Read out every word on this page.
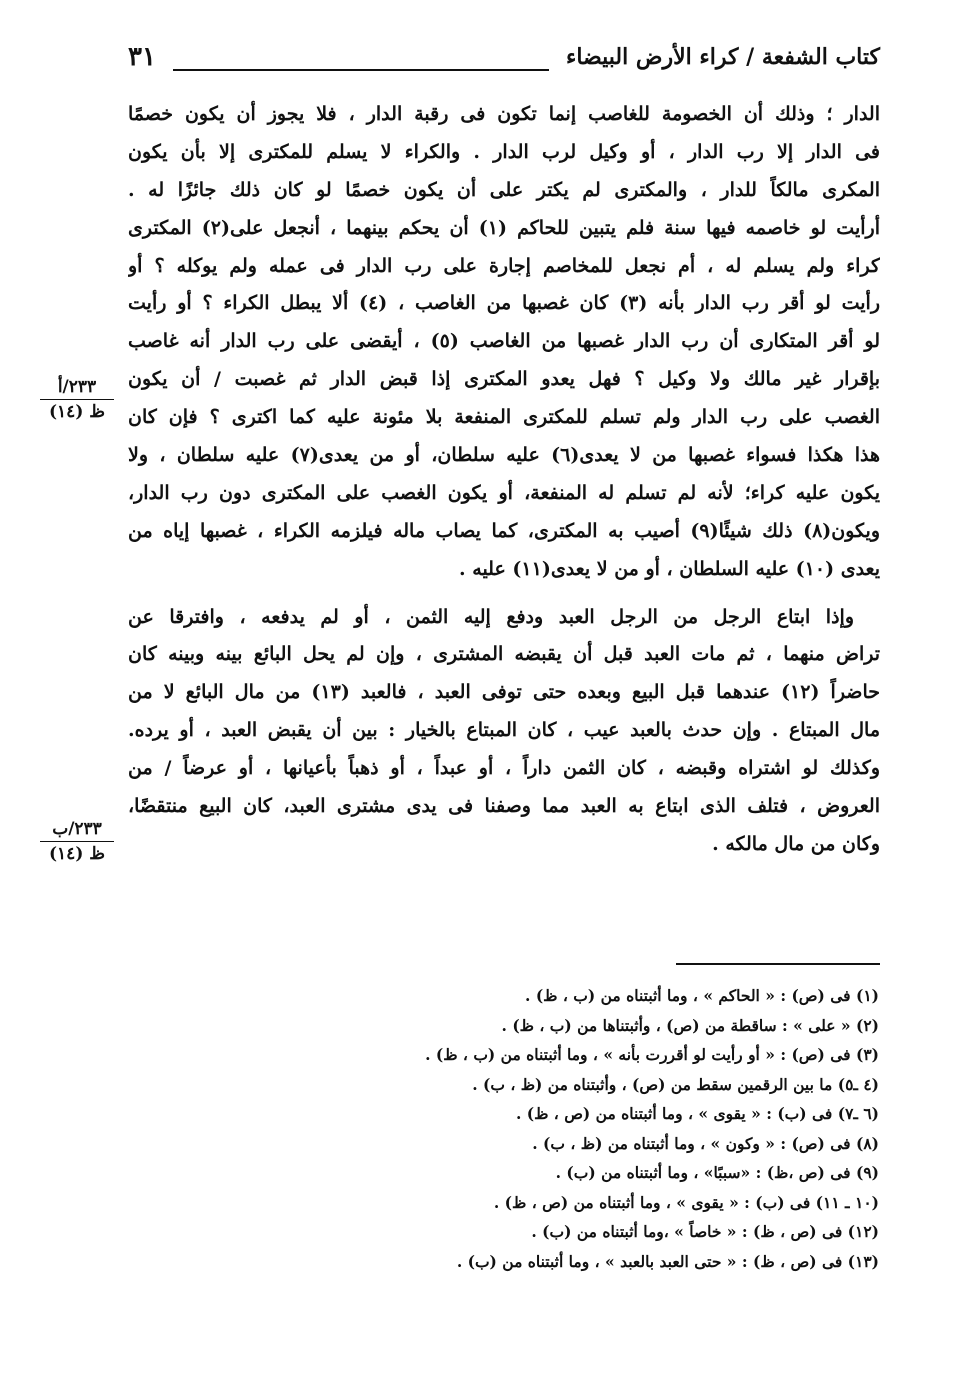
كتاب الشفعة / كراء الأرض البيضاء
٣١
الدار ؛ وذلك أن الخصومة للغاصب إنما تكون فى رقبة الدار ، فلا يجوز أن يكون خصمًا
فى الدار إلا رب الدار ، أو وكيل لرب الدار . والكراء لا يسلم للمكترى إلا بأن يكون
المكرى مالكاً للدار ، والمكترى لم يكتر على أن يكون خصمًا لو كان ذلك جائزًا له .
أرأيت لو خاصمه فيها سنة فلم يتبين للحاكم (١) أن يحكم بينهما ، أنجعل على(٢) المكترى
كراء ولم يسلم له ، أم نجعل للمخاصم إجارة على رب الدار فى عمله ولم يوكله ؟ أو
رأيت لو أقر رب الدار بأنه (٣) كان غصبها من الغاصب ، (٤) ألا يبطل الكراء ؟ أو رأيت
لو أقر المتكارى أن رب الدار غصبها من الغاصب (٥) ، أيقضى على رب الدار أنه غاصب
بإقرار غير مالك ولا وكيل ؟ فهل يعدو المكترى إذا قبض الدار ثم غصبت / أن يكون
الغصب على رب الدار ولم تسلم للمكترى المنفعة بلا مئونة عليه كما اكترى ؟ فإن كان
هذا هكذا فسواء غصبها من لا يعدى(٦) عليه سلطان، أو من يعدى(٧) عليه سلطان ، ولا
يكون عليه كراء؛ لأنه لم تسلم له المنفعة، أو يكون الغصب على المكترى دون رب الدار،
ويكون(٨) ذلك شيئًا(٩) أصيب به المكترى، كما يصاب ماله فيلزمه الكراء ، غصبها إياه من
يعدى (١٠) عليه السلطان ، أو من لا يعدى(١١) عليه .
وإذا ابتاع الرجل من الرجل العبد ودفع إليه الثمن ، أو لم يدفعه ، وافترقا عن
تراض منهما ، ثم مات العبد قبل أن يقبضه المشترى ، وإن لم يحل البائع بينه وبينه كان
حاضراً (١٢) عندهما قبل البيع وبعده حتى توفى العبد ، فالعبد (١٣) من مال البائع لا من
مال المبتاع . وإن حدث بالعبد عيب ، كان المبتاع بالخيار : بين أن يقبض العبد ، أو يرده.
وكذلك لو اشتراه وقبضه ، كان الثمن داراً ، أو عبداً ، أو ذهباً بأعيانها ، أو عرضاً / من
العروض ، فتلف الذى ابتاع به العبد مما وصفنا فى يدى مشترى العبد، كان البيع منتقضًا،
وكان من مال مالكه .
٢٣٣/أ
ظ (١٤)
٢٣٣/ب
ظ (١٤)
(١) فى (ص) : « الحاكم » ، وما أثبتناه من (ب ، ظ) .
(٢) « على » : ساقطة من (ص) ، وأثبتناها من (ب ، ظ) .
(٣) فى (ص) : « أو رأيت لو أقررت بأنه » ، وما أثبتناه من (ب ، ظ) .
(٤ ـ٥) ما بين الرقمين سقط من (ص) ، وأثبتناه من (ظ ، ب) .
(٦ ـ٧) فى (ب) : « يقوى » ، وما أثبتناه من (ص ، ظ) .
(٨) فى (ص) : « وكون » ، وما أثبتناه من (ظ ، ب) .
(٩) فى (ص ،ظ) : «سببًا» ، وما أثبتناه من (ب) .
(١٠ ـ ١١) فى (ب) : « يقوى » ، وما أثبتناه من (ص ، ظ) .
(١٢) فى (ص ، ظ) : « خاصاً » ،وما أثبتناه من (ب) .
(١٣) فى (ص ، ظ) : « حتى العبد بالعبد » ، وما أثبتناه من (ب) .
